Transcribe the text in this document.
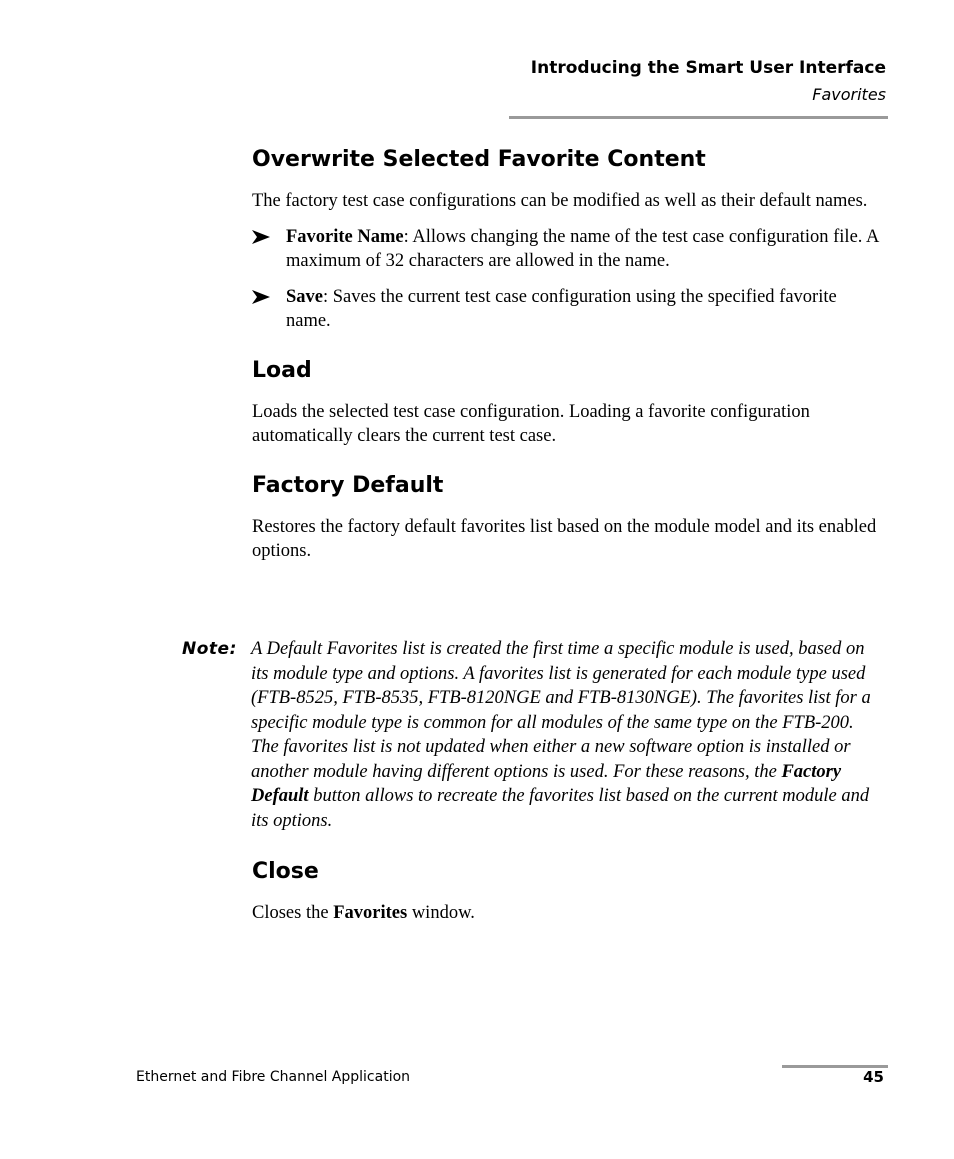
Introducing the Smart User Interface
Favorites
Overwrite Selected Favorite Content

The factory test case configurations can be modified as well as their default names.

Favorite Name: Allows changing the name of the test case configuration file. A maximum of 32 characters are allowed in the name.
Save: Saves the current test case configuration using the specified favorite name.
Load

Loads the selected test case configuration. Loading a favorite configuration automatically clears the current test case.

Factory Default

Restores the factory default favorites list based on the module model and its enabled options.

Note: A Default Favorites list is created the first time a specific module is used, based on its module type and options. A favorites list is generated for each module type used (FTB-8525, FTB-8535, FTB-8120NGE and FTB-8130NGE). The favorites list for a specific module type is common for all modules of the same type on the FTB-200. The favorites list is not updated when either a new software option is installed or another module having different options is used. For these reasons, the Factory Default button allows to recreate the favorites list based on the current module and its options.
Close

Closes the Favorites window.

Ethernet and Fibre Channel Application	45
